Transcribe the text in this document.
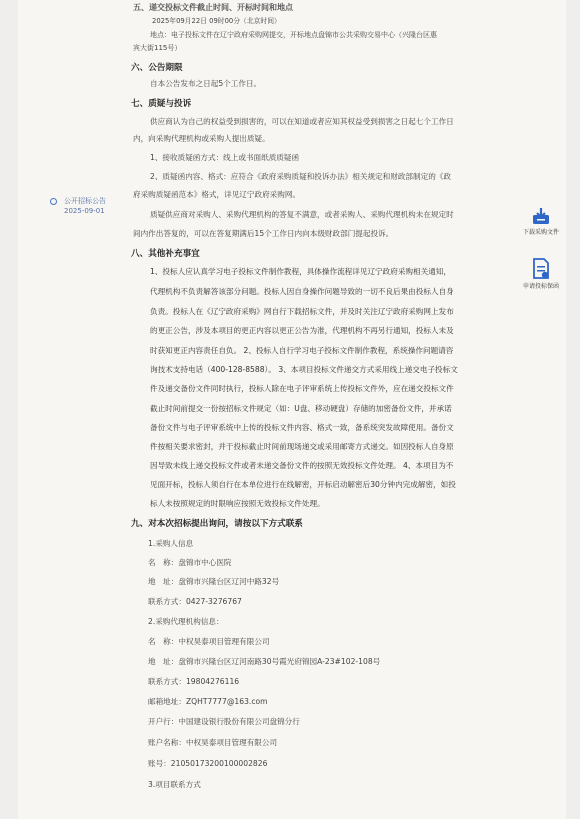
公开招标公告
2025-09-01
下载采购文件
申请投标保函
五、递交投标文件截止时间、开标时间和地点
2025年09月22日 09时00分（北京时间）
地点：电子投标文件在辽宁政府采购网提交，开标地点盘锦市公共采购交易中心（兴隆台区惠
宾大街115号）
六、公告期限
自本公告发布之日起5个工作日。
七、质疑与投诉
供应商认为自己的权益受到损害的，可以在知道或者应知其权益受到损害之日起七个工作日
内，向采购代理机构或采购人提出质疑。
1、接收质疑函方式：线上或书面纸质质疑函
2、质疑函内容、格式：应符合《政府采购质疑和投诉办法》相关规定和财政部制定的《政
府采购质疑函范本》格式，详见辽宁政府采购网。
质疑供应商对采购人、采购代理机构的答复不满意，或者采购人、采购代理机构未在规定时
间内作出答复的，可以在答复期满后15个工作日内向本级财政部门提起投诉。
八、其他补充事宜
1、投标人应认真学习电子投标文件制作教程，具体操作流程详见辽宁政府采购相关通知，
代理机构不负责解答该部分问题。投标人因自身操作问题导致的一切不良后果由投标人自身
负责。投标人在《辽宁政府采购》网自行下载招标文件，并及时关注辽宁政府采购网上发布
的更正公告，涉及本项目的更正内容以更正公告为准，代理机构不再另行通知，投标人未及
时获知更正内容责任自负。 2、投标人自行学习电子投标文件制作教程，系统操作问题请咨
询技术支持电话（400-128-8588）。 3、本项目投标文件递交方式采用线上递交电子投标文
件及递交备份文件同时执行，投标人除在电子评审系统上传投标文件外，应在递交投标文件
截止时间前提交一份按招标文件规定（如：U盘、移动硬盘）存储的加密备份文件，并承诺
备份文件与电子评审系统中上传的投标文件内容、格式一致，备系统突发故障使用。备份文
件按相关要求密封，并于投标截止时间前现场递交或采用邮寄方式递交。如因投标人自身原
因导致未线上递交投标文件或者未递交备份文件的按照无效投标文件处理。 4、本项目为不
见面开标，投标人须自行在本单位进行在线解密，开标启动解密后30分钟内完成解密，如投
标人未按照规定的时限响应按照无效投标文件处理。
九、对本次招标提出询问，请按以下方式联系
1.采购人信息
名　称：盘锦市中心医院
地　址：盘锦市兴隆台区辽河中路32号
联系方式：0427-3276767
2.采购代理机构信息：
名　称：中权昊泰项目管理有限公司
地　址：盘锦市兴隆台区辽河南路30号霞光府锦园A-23#102-108号
联系方式：19804276116
邮箱地址：ZQHT7777@163.com
开户行：中国建设银行股份有限公司盘锦分行
账户名称：中权昊泰项目管理有限公司
账号：21050173200100002826
3.项目联系方式
